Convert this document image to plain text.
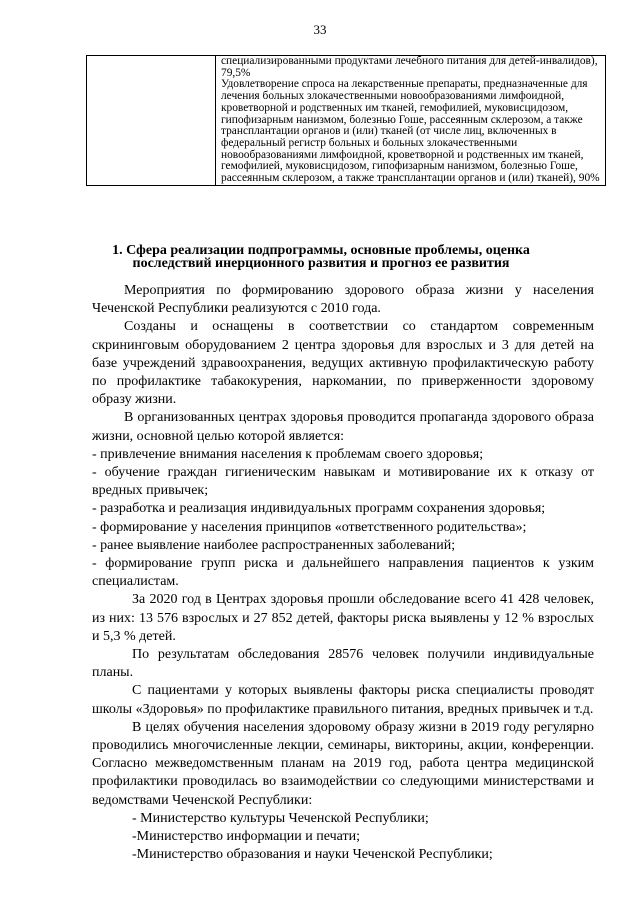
33

специализированными продуктами лечебного питания для детей-инвалидов), 79,5%

Удовлетворение спроса на лекарственные препараты, предназначенные для лечения больных злокачественными новообразованиями лимфоидной, кроветворной и родственных им тканей, гемофилией, муковисцидозом, гипофизарным нанизмом, болезнью Гоше, рассеянным склерозом, а также трансплантации органов и (или) тканей (от числе лиц, включенных в федеральный регистр больных и больных злокачественными новообразованиями лимфоидной, кроветворной и родственных им тканей, гемофилией, муковисцидозом, гипофизарным нанизмом, болезнью Гоше, рассеянным склерозом, а также трансплантации органов и (или) тканей), 90%

1. Сфера реализации подпрограммы, основные проблемы, оценка
последствий инерционного развития и прогноз ее развития

Мероприятия по формированию здорового образа жизни у населения Чеченской Республики реализуются с 2010 года.

Созданы и оснащены в соответствии со стандартом современным скрининговым оборудованием 2 центра здоровья для взрослых и 3 для детей на базе учреждений здравоохранения, ведущих активную профилактическую работу по профилактике табакокурения, наркомании, по приверженности здоровому образу жизни.

В организованных центрах здоровья проводится пропаганда здорового образа жизни, основной целью которой является:

- привлечение внимания населения к проблемам своего здоровья;

- обучение граждан гигиеническим навыкам и мотивирование их к отказу от вредных привычек;

- разработка и реализация индивидуальных программ сохранения здоровья;

- формирование у населения принципов «ответственного родительства»;

- ранее выявление наиболее распространенных заболеваний;

- формирование групп риска и дальнейшего направления пациентов к узким специалистам.

За 2020 год в Центрах здоровья прошли обследование всего 41 428 человек, из них: 13 576 взрослых и 27 852 детей, факторы риска выявлены у 12 % взрослых и 5,3 % детей.

По результатам обследования 28576 человек получили индивидуальные планы.

С пациентами у которых выявлены факторы риска специалисты проводят школы «Здоровья» по профилактике правильного питания, вредных привычек и т.д.

В целях обучения населения здоровому образу жизни в 2019 году регулярно проводились многочисленные лекции, семинары, викторины, акции, конференции. Согласно межведомственным планам на 2019 год, работа центра медицинской профилактики проводилась во взаимодействии со следующими министерствами и ведомствами Чеченской Республики:

- Министерство культуры Чеченской Республики;

-Министерство информации и печати;

-Министерство образования и науки Чеченской Республики;
